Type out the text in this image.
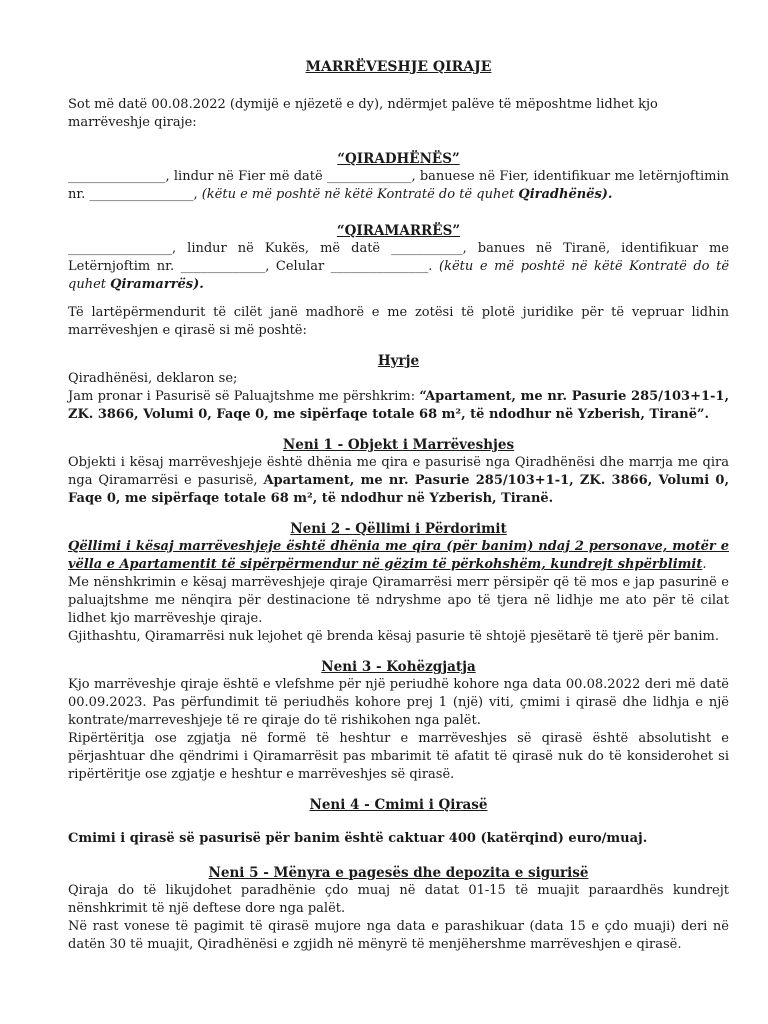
MARRËVESHJE QIRAJE

Sot më datë 00.08.2022 (dymijë e njëzetë e dy), ndërmjet palëve të mëposhtme lidhet kjo marrëveshje qiraje:

“QIRADHËNËS”

_______________, lindur në Fier më datë _____________, banuese në Fier, identifikuar me letërnjoftimin nr. ________________, (këtu e më poshtë në këtë Kontratë do të quhet Qiradhënës).

“QIRAMARRËS”

________________, lindur në Kukës, më datë ___________, banues në Tiranë, identifikuar me Letërnjoftim nr. _____________, Celular _______________. (këtu e më poshtë në këtë Kontratë do të quhet Qiramarrës).

Të lartëpërmendurit të cilët janë madhorë e me zotësi të plotë juridike për të vepruar lidhin marrëveshjen e qirasë si më poshtë:

Hyrje

Qiradhënësi, deklaron se;

Jam pronar i Pasurisë së Paluajtshme me përshkrim: “Apartament, me nr. Pasurie 285/103+1-1, ZK. 3866, Volumi 0, Faqe 0, me sipërfaqe totale 68 m², të ndodhur në Yzberish, Tiranë”.

Neni 1 - Objekt i Marrëveshjes

Objekti i kësaj marrëveshjeje është dhënia me qira e pasurisë nga Qiradhënësi dhe marrja me qira nga Qiramarrësi e pasurisë, Apartament, me nr. Pasurie 285/103+1-1, ZK. 3866, Volumi 0, Faqe 0, me sipërfaqe totale 68 m², të ndodhur në Yzberish, Tiranë.

Neni 2 - Qëllimi i Përdorimit

Qëllimi i kësaj marrëveshjeje është dhënia me qira (për banim) ndaj 2 personave, motër e vëlla e Apartamentit të sipërpërmendur në gëzim të përkohshëm, kundrejt shpërblimit.

Me nënshkrimin e kësaj marrëveshjeje qiraje Qiramarrësi merr përsipër që të mos e jap pasurinë e paluajtshme me nënqira për destinacione të ndryshme apo të tjera në lidhje me ato për të cilat lidhet kjo marrëveshje qiraje.

Gjithashtu, Qiramarrësi nuk lejohet që brenda kësaj pasurie të shtojë pjesëtarë të tjerë për banim.

Neni 3 - Kohëzgjatja

Kjo marrëveshje qiraje është e vlefshme për një periudhë kohore nga data 00.08.2022 deri më datë 00.09.2023. Pas përfundimit të periudhës kohore prej 1 (një) viti, çmimi i qirasë dhe lidhja e një kontrate/marreveshjeje të re qiraje do të rishikohen nga palët.

Ripërtëritja ose zgjatja në formë të heshtur e marrëveshjes së qirasë është absolutisht e përjashtuar dhe qëndrimi i Qiramarrësit pas mbarimit të afatit të qirasë nuk do të konsiderohet si ripërtëritje ose zgjatje e heshtur e marrëveshjes së qirasë.

Neni 4 - Cmimi i Qirasë

Cmimi i qirasë së pasurisë për banim është caktuar 400 (katërqind) euro/muaj.

Neni 5 - Mënyra e pagesës dhe depozita e sigurisë

Qiraja do të likujdohet paradhënie çdo muaj në datat 01-15 të muajit paraardhës kundrejt nënshkrimit të një deftese dore nga palët.

Në rast vonese të pagimit të qirasë mujore nga data e parashikuar (data 15 e çdo muaji) deri në datën 30 të muajit, Qiradhënësi e zgjidh në mënyrë të menjëhershme marrëveshjen e qirasë.
